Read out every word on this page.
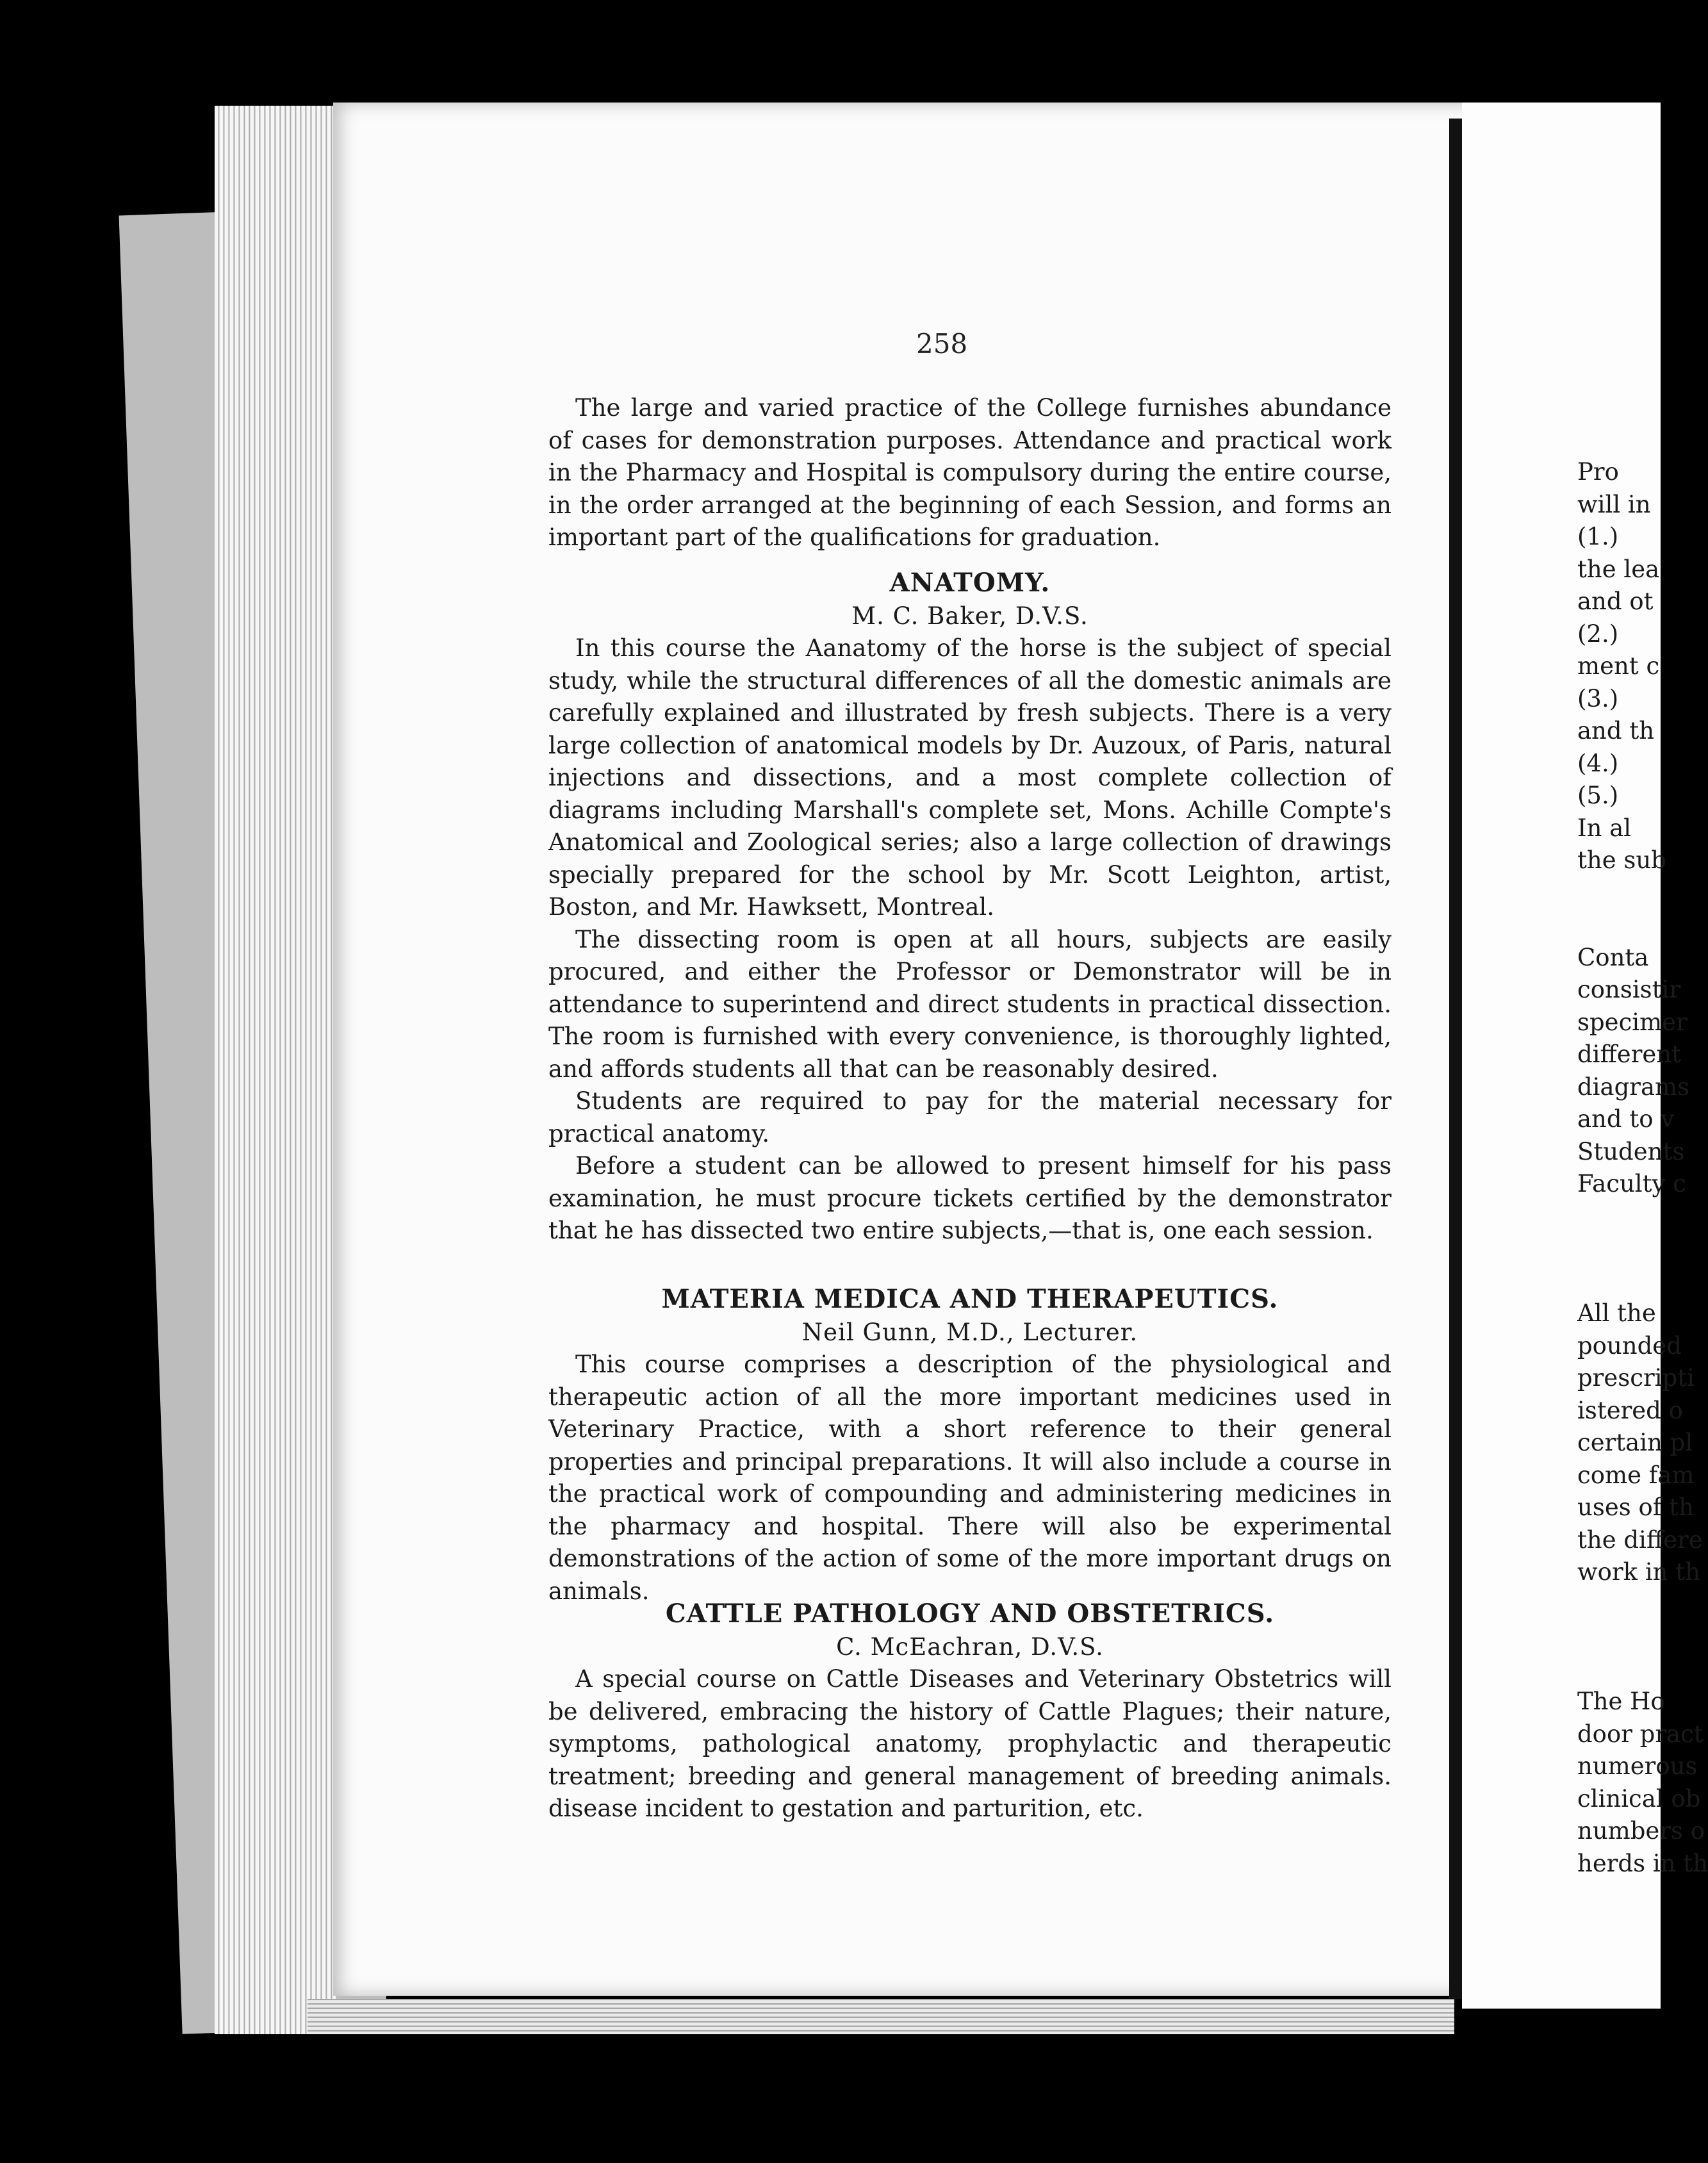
258

The large and varied practice of the College furnishes abundance of cases for demonstration purposes. Attendance and practical work in the Pharmacy and Hospital is compulsory during the entire course, in the order arranged at the beginning of each Session, and forms an important part of the qualifications for graduation.

ANATOMY.
M. C. Baker, D.V.S.

In this course the Aanatomy of the horse is the subject of special study, while the structural differences of all the domestic animals are carefully explained and illustrated by fresh subjects. There is a very large collection of anatomical models by Dr. Auzoux, of Paris, natural injections and dissections, and a most complete collection of diagrams including Marshall's complete set, Mons. Achille Compte's Anatomical and Zoological series; also a large collection of drawings specially prepared for the school by Mr. Scott Leighton, artist, Boston, and Mr. Hawksett, Montreal.

The dissecting room is open at all hours, subjects are easily procured, and either the Professor or Demonstrator will be in attendance to superintend and direct students in practical dissection. The room is furnished with every convenience, is thoroughly lighted, and affords students all that can be reasonably desired.

Students are required to pay for the material necessary for practical anatomy.

Before a student can be allowed to present himself for his pass examination, he must procure tickets certified by the demonstrator that he has dissected two entire subjects,—that is, one each session.

MATERIA MEDICA AND THERAPEUTICS.
Neil Gunn, M.D., Lecturer.

This course comprises a description of the physiological and therapeutic action of all the more important medicines used in Veterinary Practice, with a short reference to their general properties and principal preparations. It will also include a course in the practical work of compounding and administering medicines in the pharmacy and hospital. There will also be experimental demonstrations of the action of some of the more important drugs on animals.

CATTLE PATHOLOGY AND OBSTETRICS.
C. McEachran, D.V.S.

A special course on Cattle Diseases and Veterinary Obstetrics will be delivered, embracing the history of Cattle Plagues; their nature, symptoms, pathological anatomy, prophylactic and therapeutic treatment; breeding and general management of breeding animals. disease incident to gestation and parturition, etc.

Pro
will in
(1.)
the lea
and ot
(2.)
ment c
(3.)
and th
(4.)
(5.)
In al
the sub
Conta
consistir
specimer
different
diagrams
and to v
Students
Faculty c
All the
pounded
prescripti
istered o
certain pl
come fam
uses of th
the differe
work in th
The Ho
door pract
numerous
clinical ob
numbers o
herds in th
